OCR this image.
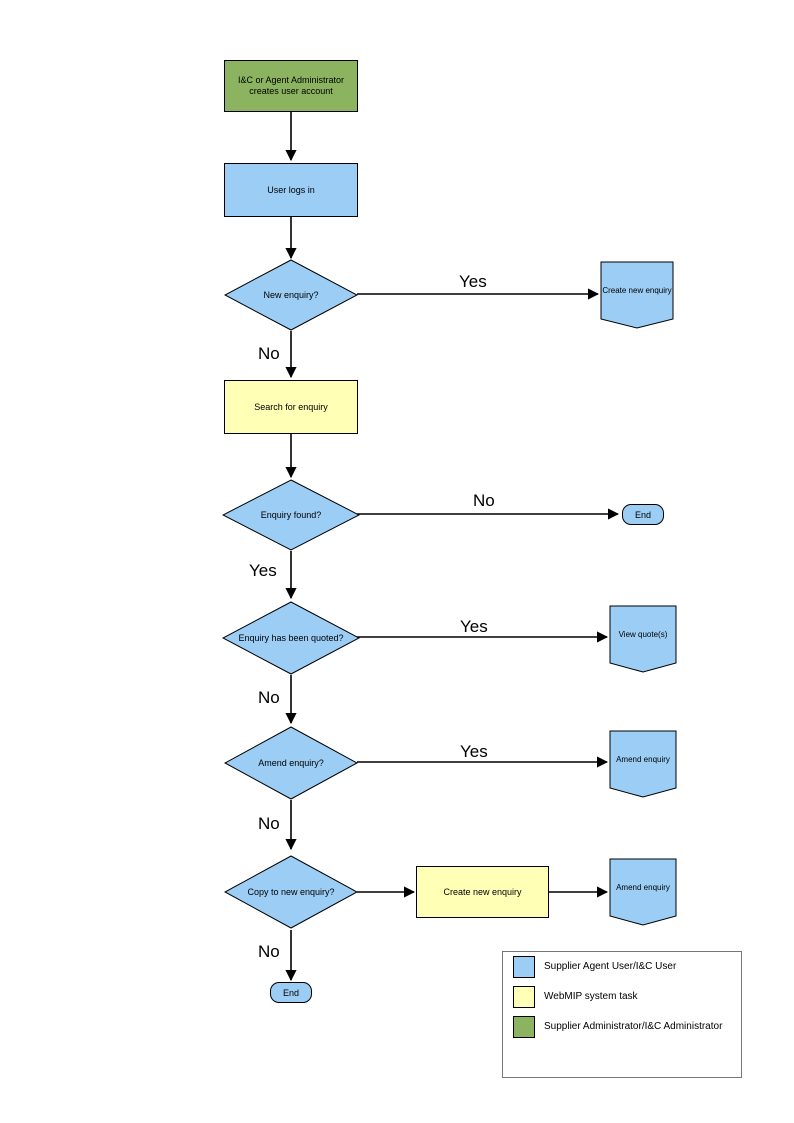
I&C or Agent Administrator creates user account
User logs in
New enquiry?	Create new enquiry
Search for enquiry
Enquiry found?	End
Enquiry has been quoted?	View quote(s)
Amend enquiry?	Amend enquiry
Copy to new enquiry?	Create new enquiry	Amend enquiry
End
Yes
No
No
Yes
Yes
No
Yes
No
No
Supplier Agent User/I&C User
WebMIP system task
Supplier Administrator/I&C Administrator
